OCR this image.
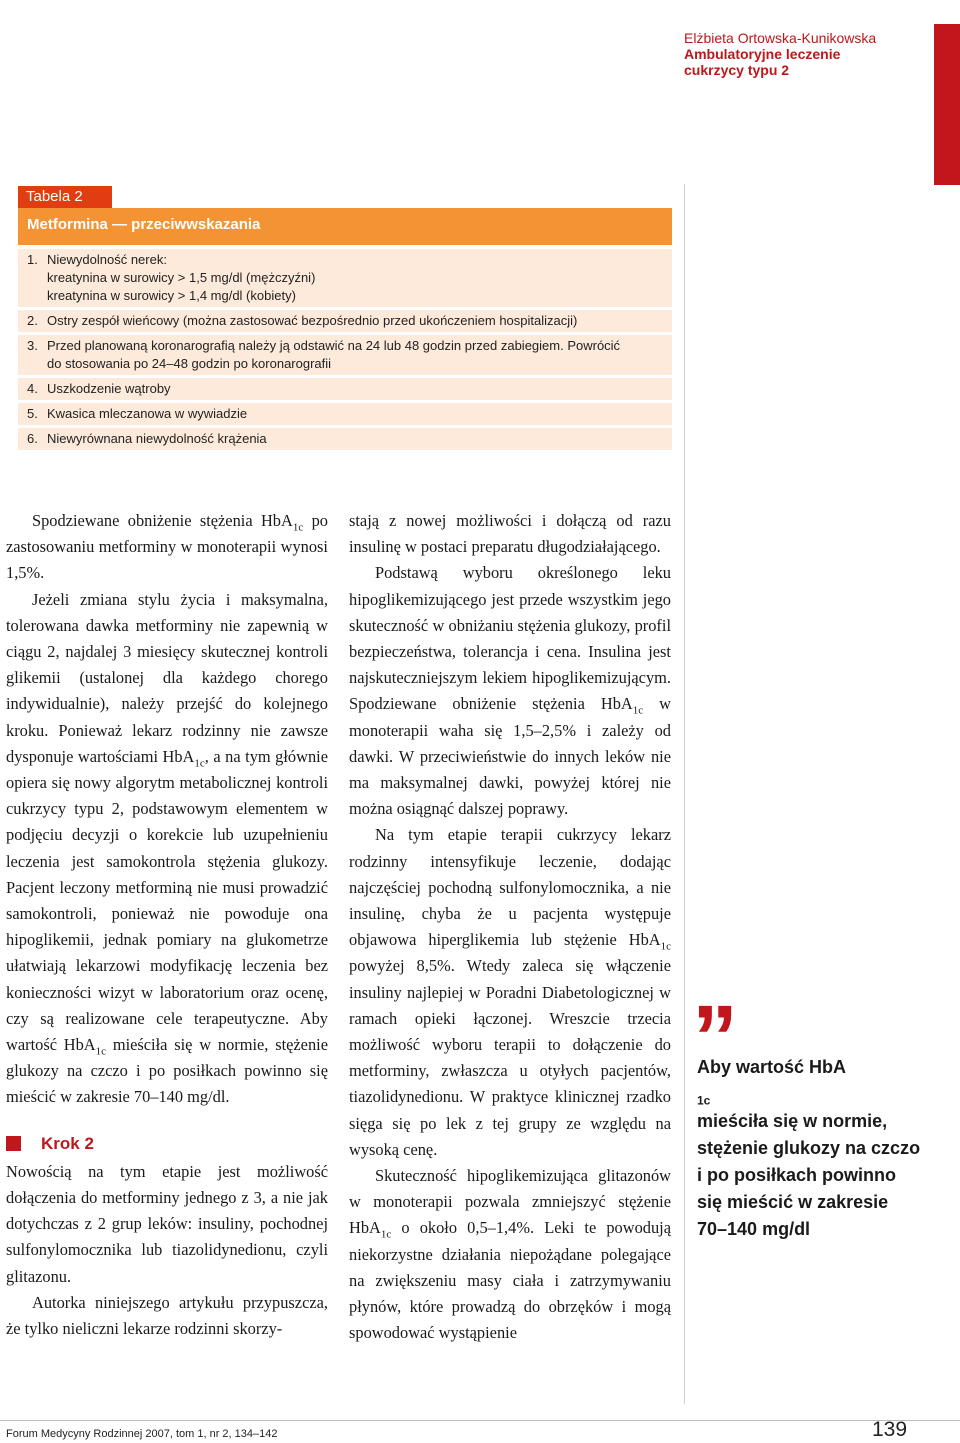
Elżbieta Ortowska-Kunikowska
Ambulatoryjne leczenie
cukrzycy typu 2
Tabela 2
Metformina — przeciwwskazania
1. Niewydolność nerek:
kreatynina w surowicy > 1,5 mg/dl (mężczyźni)
kreatynina w surowicy > 1,4 mg/dl (kobiety)
2. Ostry zespół wieńcowy (można zastosować bezpośrednio przed ukończeniem hospitalizacji)
3. Przed planowaną koronarografią należy ją odstawić na 24 lub 48 godzin przed zabiegiem. Powrócić
do stosowania po 24–48 godzin po koronarografii
4. Uszkodzenie wątroby
5. Kwasica mleczanowa w wywiadzie
6. Niewyrównana niewydolność krążenia

Spodziewane obniżenie stężenia HbA$_{1c}$ po zastosowaniu metforminy w monoterapii wynosi 1,5%.

Jeżeli zmiana stylu życia i maksymalna, tolerowana dawka metforminy nie zapewnią w ciągu 2, najdalej 3 miesięcy skutecznej kontroli glikemii (ustalonej dla każdego chorego indywidualnie), należy przejść do kolejnego kroku. Ponieważ lekarz rodzinny nie zawsze dysponuje wartościami HbA$_{1c}$, a na tym głównie opiera się nowy algorytm metabolicznej kontroli cukrzycy typu 2, podstawowym elementem w podjęciu decyzji o korekcie lub uzupełnieniu leczenia jest samokontrola stężenia glukozy. Pacjent leczony metforminą nie musi prowadzić samokontroli, ponieważ nie powoduje ona hipoglikemii, jednak pomiary na glukometrze ułatwiają lekarzowi modyfikację leczenia bez konieczności wizyt w laboratorium oraz ocenę, czy są realizowane cele terapeutyczne. Aby wartość HbA$_{1c}$ mieściła się w normie, stężenie glukozy na czczo i po posiłkach powinno się mieścić w zakresie 70–140 mg/dl.

Krok 2

Nowością na tym etapie jest możliwość dołączenia do metforminy jednego z 3, a nie jak dotychczas z 2 grup leków: insuliny, pochodnej sulfonylomocznika lub tiazolidynedionu, czyli glitazonu.

Autorka niniejszego artykułu przypuszcza, że tylko nieliczni lekarze rodzinni skorzy-

stają z nowej możliwości i dołączą od razu insulinę w postaci preparatu długodziałającego.

Podstawą wyboru określonego leku hipoglikemizującego jest przede wszystkim jego skuteczność w obniżaniu stężenia glukozy, profil bezpieczeństwa, tolerancja i cena. Insulina jest najskuteczniejszym lekiem hipoglikemizującym. Spodziewane obniżenie stężenia HbA$_{1c}$ w monoterapii waha się 1,5–2,5% i zależy od dawki. W przeciwieństwie do innych leków nie ma maksymalnej dawki, powyżej której nie można osiągnąć dalszej poprawy.

Na tym etapie terapii cukrzycy lekarz rodzinny intensyfikuje leczenie, dodając najczęściej pochodną sulfonylomocznika, a nie insulinę, chyba że u pacjenta występuje objawowa hiperglikemia lub stężenie HbA$_{1c}$ powyżej 8,5%. Wtedy zaleca się włączenie insuliny najlepiej w Poradni Diabetologicznej w ramach opieki łączonej. Wreszcie trzecia możliwość wyboru terapii to dołączenie do metforminy, zwłaszcza u otyłych pacjentów, tiazolidynedionu. W praktyce klinicznej rzadko sięga się po lek z tej grupy ze względu na wysoką cenę.

Skuteczność hipoglikemizująca glitazonów w monoterapii pozwala zmniejszyć stężenie HbA$_{1c}$ o około 0,5–1,4%. Leki te powodują niekorzystne działania niepożądane polegające na zwiększeniu masy ciała i zatrzymywaniu płynów, które prowadzą do obrzęków i mogą spowodować wystąpienie

”
Aby wartość HbA
$_{1c}$
mieściła się w normie,
stężenie glukozy na czczo
i po posiłkach powinno
się mieścić w zakresie
70–140 mg/dl
Forum Medycyny Rodzinnej 2007, tom 1, nr 2, 134–142	139
